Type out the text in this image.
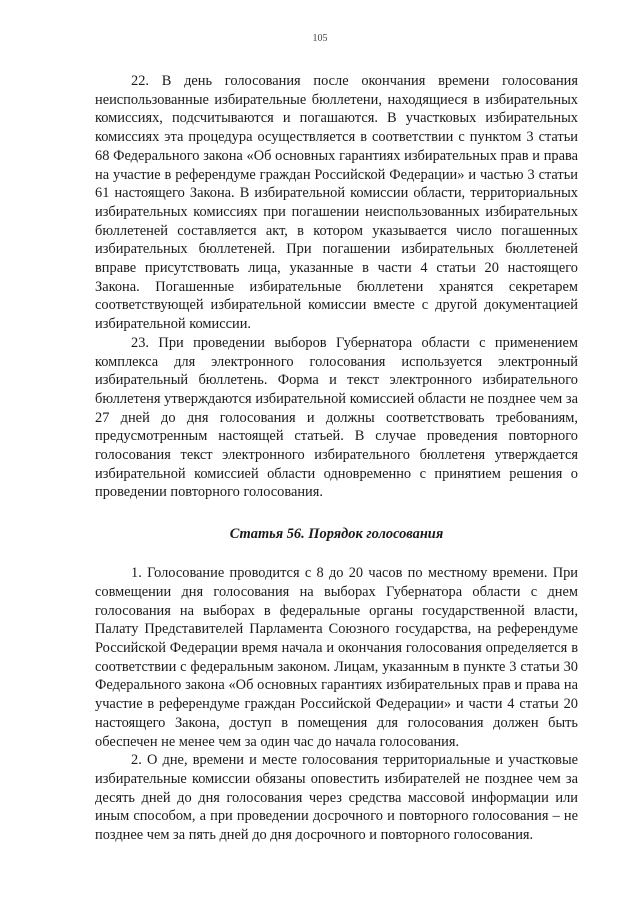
105

22. В день голосования после окончания времени голосования неиспользованные избирательные бюллетени, находящиеся в избирательных комиссиях, подсчитываются и погашаются. В участковых избирательных комиссиях эта процедура осуществляется в соответствии с пунктом 3 статьи 68 Федерального закона «Об основных гарантиях избирательных прав и права на участие в референдуме граждан Российской Федерации» и частью 3 статьи 61 настоящего Закона. В избирательной комиссии области, территориальных избирательных комиссиях при погашении неиспользованных избирательных бюллетеней составляется акт, в котором указывается число погашенных избирательных бюллетеней. При погашении избирательных бюллетеней вправе присутствовать лица, указанные в части 4 статьи 20 настоящего Закона. Погашенные избирательные бюллетени хранятся секретарем соответствующей избирательной комиссии вместе с другой документацией избирательной комиссии.

23. При проведении выборов Губернатора области с применением комплекса для электронного голосования используется электронный избирательный бюллетень. Форма и текст электронного избирательного бюллетеня утверждаются избирательной комиссией области не позднее чем за 27 дней до дня голосования и должны соответствовать требованиям, предусмотренным настоящей статьей. В случае проведения повторного голосования текст электронного избирательного бюллетеня утверждается избирательной комиссией области одновременно с принятием решения о проведении повторного голосования.

Статья 56. Порядок голосования

1. Голосование проводится с 8 до 20 часов по местному времени. При совмещении дня голосования на выборах Губернатора области с днем голосования на выборах в федеральные органы государственной власти, Палату Представителей Парламента Союзного государства, на референдуме Российской Федерации время начала и окончания голосования определяется в соответствии с федеральным законом. Лицам, указанным в пункте 3 статьи 30 Федерального закона «Об основных гарантиях избирательных прав и права на участие в референдуме граждан Российской Федерации» и части 4 статьи 20 настоящего Закона, доступ в помещения для голосования должен быть обеспечен не менее чем за один час до начала голосования.

2. О дне, времени и месте голосования территориальные и участковые избирательные комиссии обязаны оповестить избирателей не позднее чем за десять дней до дня голосования через средства массовой информации или иным способом, а при проведении досрочного и повторного голосования – не позднее чем за пять дней до дня досрочного и повторного голосования.
